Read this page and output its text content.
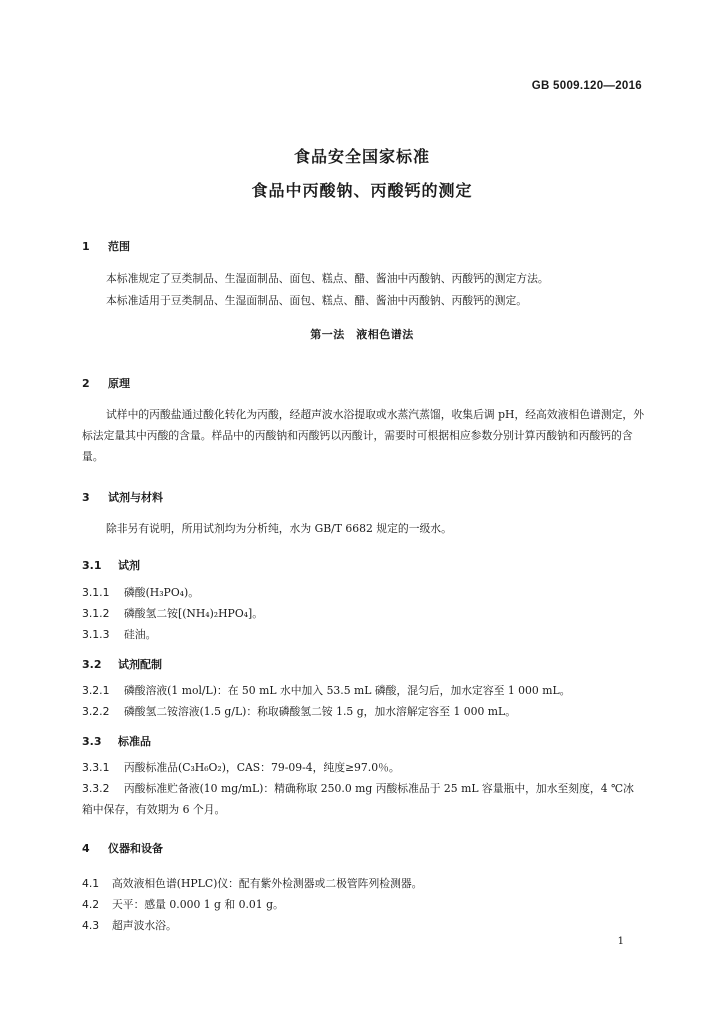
GB 5009.120—2016
食品安全国家标准
食品中丙酸钠、丙酸钙的测定
1 范围
本标准规定了豆类制品、生湿面制品、面包、糕点、醋、酱油中丙酸钠、丙酸钙的测定方法。
本标准适用于豆类制品、生湿面制品、面包、糕点、醋、酱油中丙酸钠、丙酸钙的测定。
第一法　液相色谱法
2 原理
试样中的丙酸盐通过酸化转化为丙酸，经超声波水浴提取或水蒸汽蒸馏，收集后调 pH，经高效液相色谱测定，外标法定量其中丙酸的含量。样品中的丙酸钠和丙酸钙以丙酸计，需要时可根据相应参数分别计算丙酸钠和丙酸钙的含量。
3 试剂与材料
除非另有说明，所用试剂均为分析纯，水为 GB/T 6682 规定的一级水。
3.1 试剂
3.1.1 磷酸(H₃PO₄)。
3.1.2 磷酸氢二铵[(NH₄)₂HPO₄]。
3.1.3 硅油。
3.2 试剂配制
3.2.1 磷酸溶液(1 mol/L)：在 50 mL 水中加入 53.5 mL 磷酸，混匀后，加水定容至 1 000 mL。
3.2.2 磷酸氢二铵溶液(1.5 g/L)：称取磷酸氢二铵 1.5 g，加水溶解定容至 1 000 mL。
3.3 标准品
3.3.1 丙酸标准品(C₃H₆O₂)，CAS：79-09-4，纯度≥97.0％。
3.3.2 丙酸标准贮备液(10 mg/mL)：精确称取 250.0 mg 丙酸标准品于 25 mL 容量瓶中，加水至刻度，4 ℃冰箱中保存，有效期为 6 个月。
4 仪器和设备
4.1 高效液相色谱(HPLC)仪：配有紫外检测器或二极管阵列检测器。
4.2 天平：感量 0.000 1 g 和 0.01 g。
4.3 超声波水浴。
1
